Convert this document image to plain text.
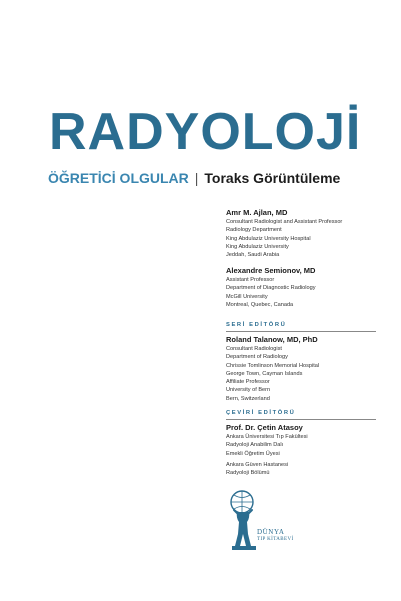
RADYOLOJİ
ÖĞRETİCİ OLGULAR | Toraks Görüntüleme
Amr M. Ajlan, MD
Consultant Radiologist and Assistant Professor
Radiology Department
King Abdulaziz University Hospital
King Abdulaziz University
Jeddah, Saudi Arabia
Alexandre Semionov, MD
Assistant Professor
Department of Diagnostic Radiology
McGill University
Montreal, Quebec, Canada
SERİ EDİTÖRÜ
Roland Talanow, MD, PhD
Consultant Radiologist
Department of Radiology
Chrissie Tomlinson Memorial Hospital
George Town, Cayman Islands
Affiliate Professor
University of Bern
Bern, Switzerland
ÇEVİRİ EDİTÖRÜ
Prof. Dr. Çetin Atasoy
Ankara Üniversitesi Tıp Fakültesi
Radyoloji Anabilim Dalı
Emekli Öğretim Üyesi
Ankara Güven Hastanesi
Radyoloji Bölümü
DÜNYA
TIP KİTABEVİ
